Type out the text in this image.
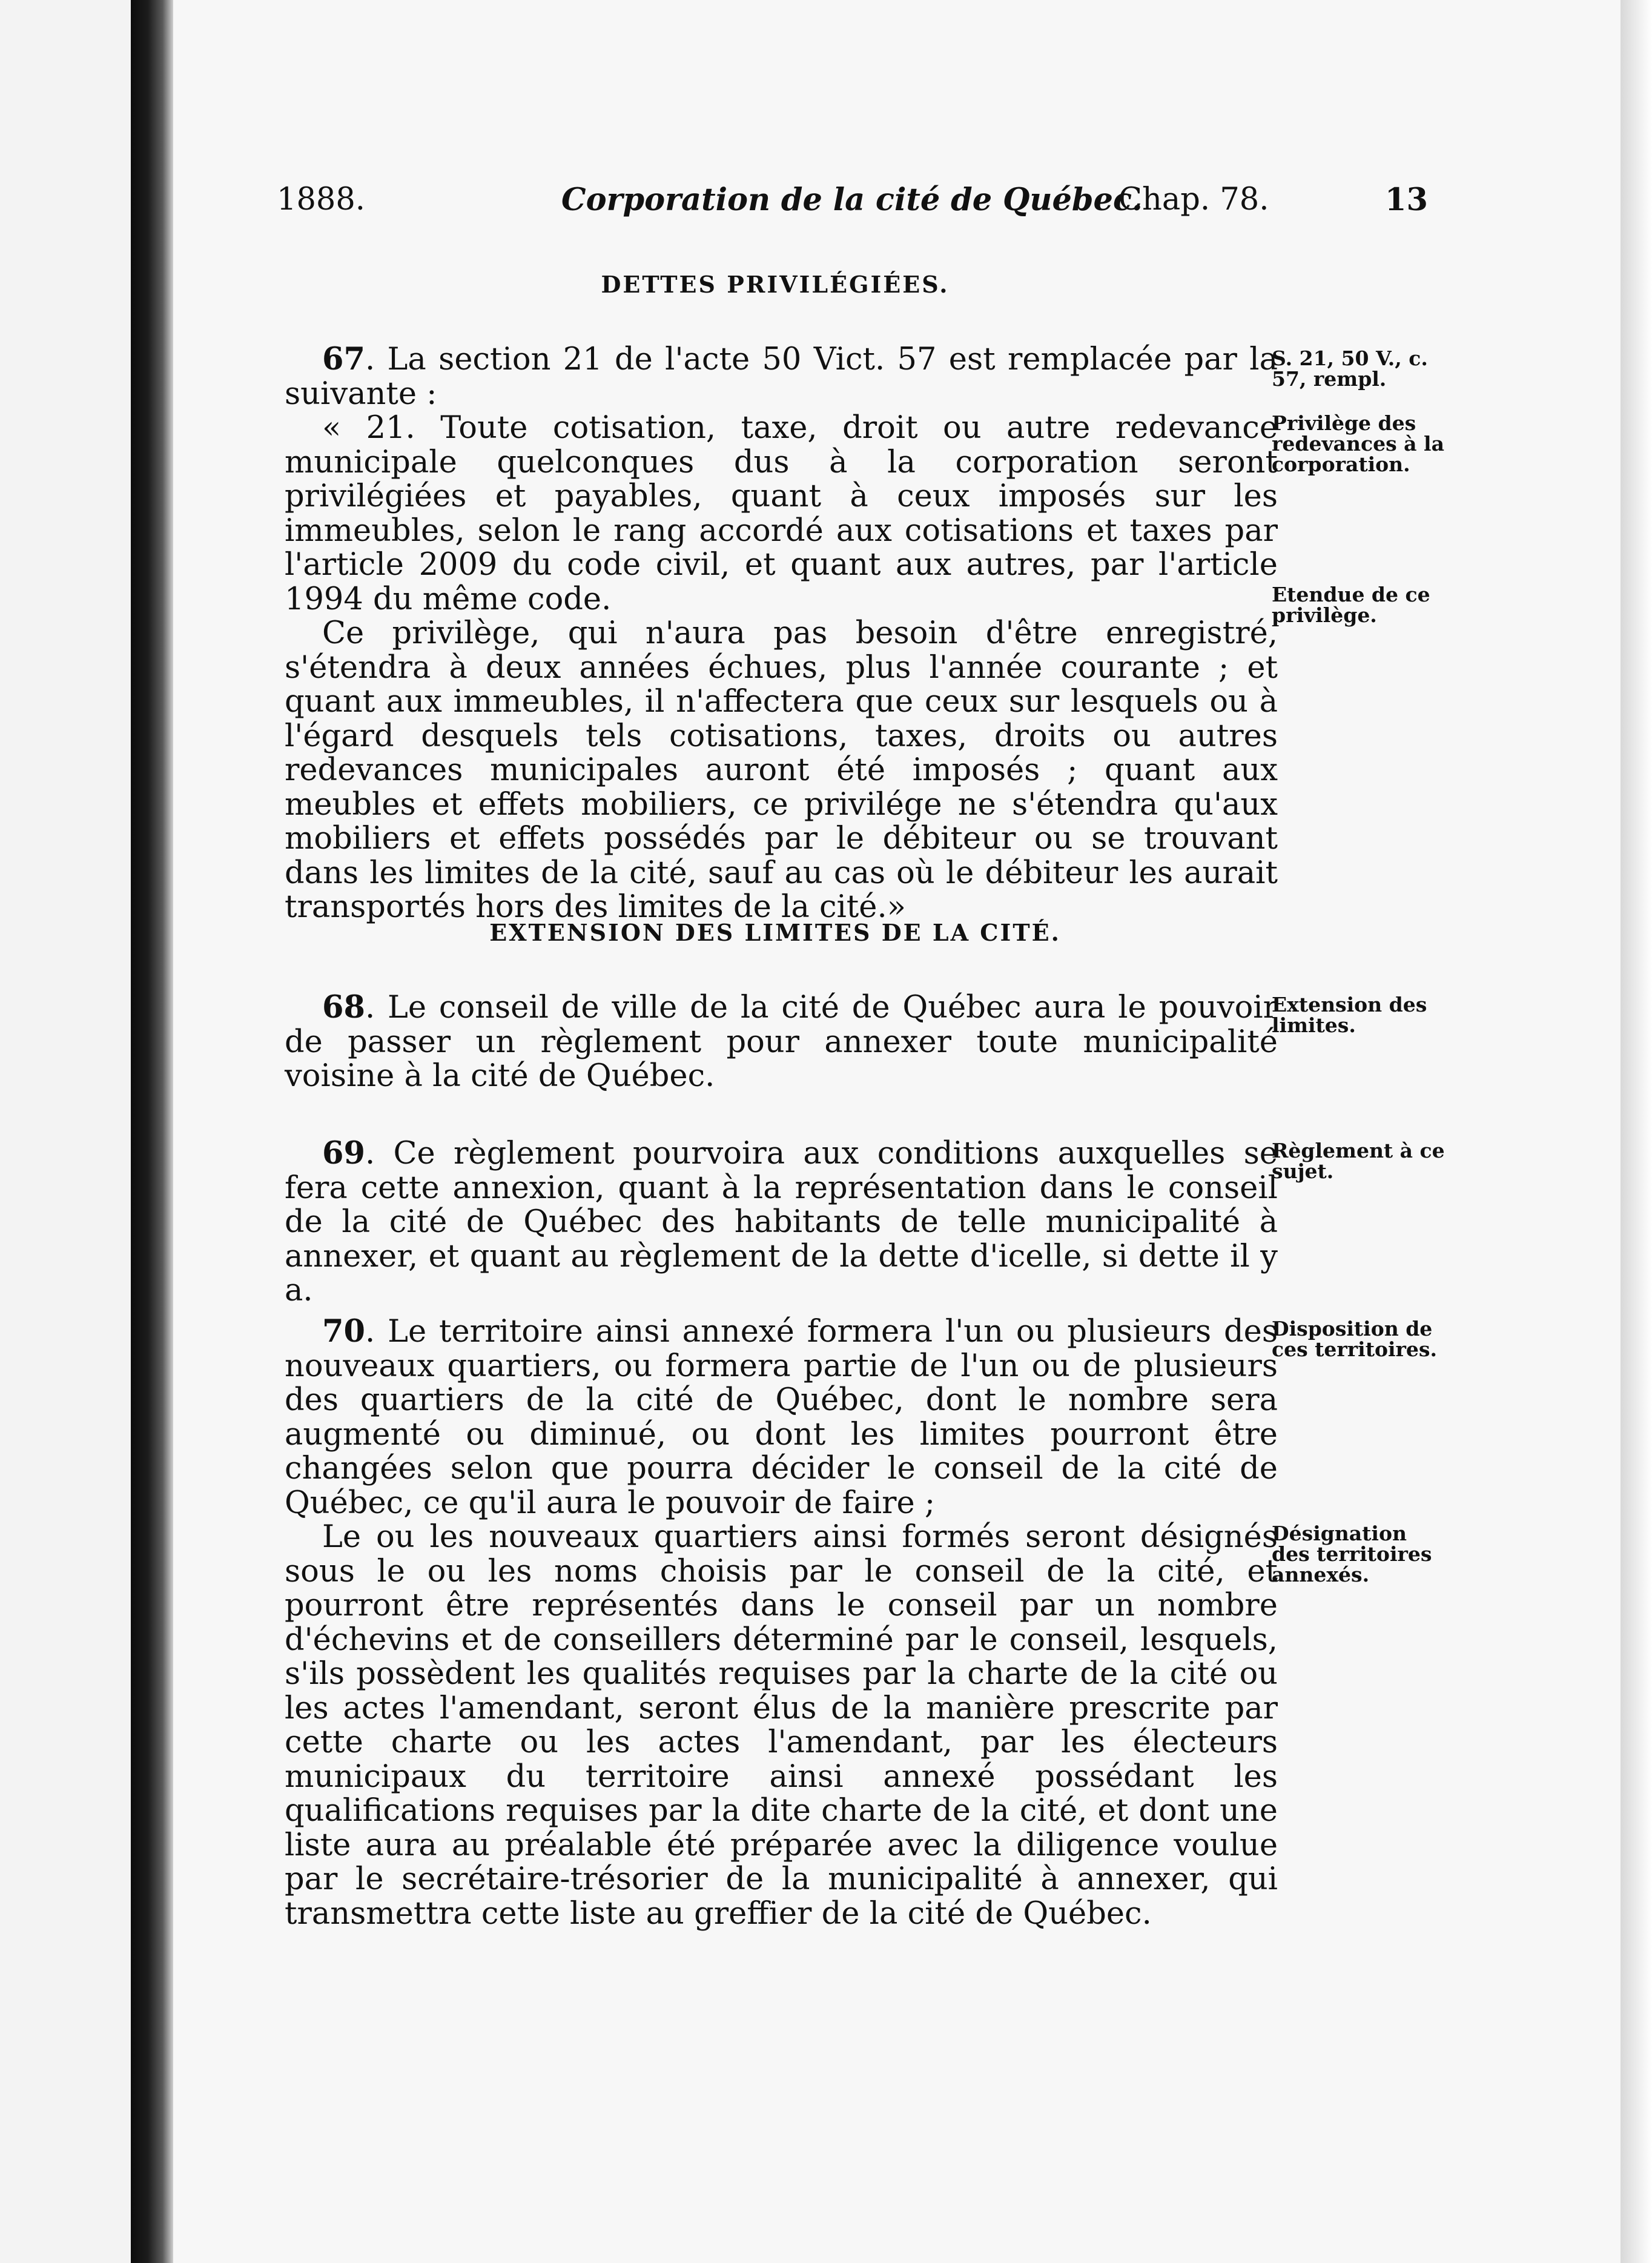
1888.	Corporation de la cité de Québec.
Chap. 78.	13
DETTES PRIVILÉGIÉES.

67. La section 21 de l'acte 50 Vict. 57 est remplacée par la suivante :

« 21. Toute cotisation, taxe, droit ou autre redevance municipale quelconques dus à la corporation seront privilégiées et payables, quant à ceux imposés sur les immeubles, selon le rang accordé aux cotisations et taxes par l'article 2009 du code civil, et quant aux autres, par l'article 1994 du même code.

Ce privilège, qui n'aura pas besoin d'être enregistré, s'étendra à deux années échues, plus l'année courante ; et quant aux immeubles, il n'affectera que ceux sur lesquels ou à l'égard desquels tels cotisations, taxes, droits ou autres redevances municipales auront été imposés ; quant aux meubles et effets mobiliers, ce privilége ne s'étendra qu'aux mobiliers et effets possédés par le débiteur ou se trouvant dans les limites de la cité, sauf au cas où le débiteur les aurait transportés hors des limites de la cité.»

S. 21, 50 V., c. 57, rempl.
Privilège des redevances à la corporation.
Etendue de ce privilège.
EXTENSION DES LIMITES DE LA CITÉ.

68. Le conseil de ville de la cité de Québec aura le pouvoir de passer un règlement pour annexer toute municipalité voisine à la cité de Québec.

Extension des limites.

69. Ce règlement pourvoira aux conditions auxquelles se fera cette annexion, quant à la représentation dans le conseil de la cité de Québec des habitants de telle municipalité à annexer, et quant au règlement de la dette d'icelle, si dette il y a.

Règlement à ce sujet.

70. Le territoire ainsi annexé formera l'un ou plusieurs des nouveaux quartiers, ou formera partie de l'un ou de plusieurs des quartiers de la cité de Québec, dont le nombre sera augmenté ou diminué, ou dont les limites pourront être changées selon que pourra décider le conseil de la cité de Québec, ce qu'il aura le pouvoir de faire ;

Le ou les nouveaux quartiers ainsi formés seront désignés sous le ou les noms choisis par le conseil de la cité, et pourront être représentés dans le conseil par un nombre d'échevins et de conseillers déterminé par le conseil, lesquels, s'ils possèdent les qualités requises par la charte de la cité ou les actes l'amendant, seront élus de la manière prescrite par cette charte ou les actes l'amendant, par les électeurs municipaux du territoire ainsi annexé possédant les qualifications requises par la dite charte de la cité, et dont une liste aura au préalable été préparée avec la diligence voulue par le secrétaire-trésorier de la municipalité à annexer, qui transmettra cette liste au greffier de la cité de Québec.

Disposition de ces territoires.
Désignation des territoires annexés.
